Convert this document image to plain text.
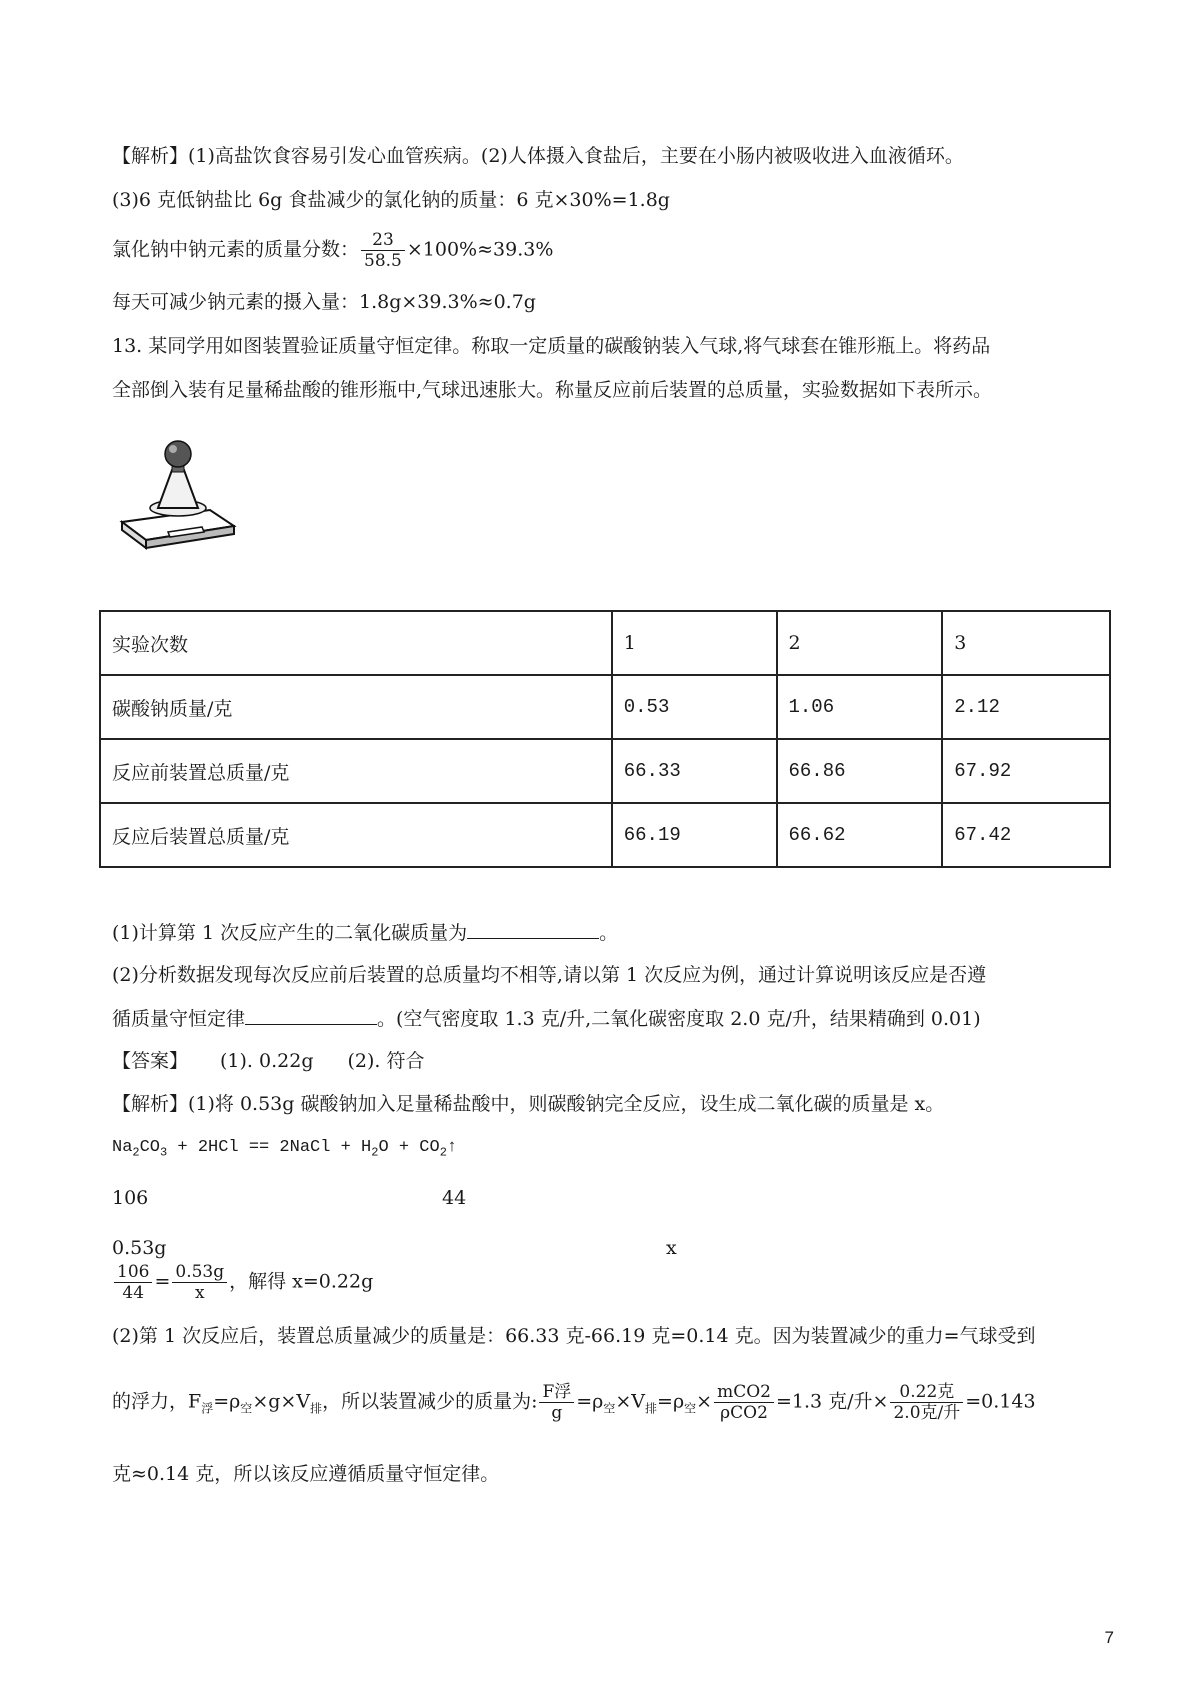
【解析】(1)高盐饮食容易引发心血管疾病。(2)人体摄入食盐后，主要在小肠内被吸收进入血液循环。
(3)6 克低钠盐比 6g 食盐减少的氯化钠的质量：6 克×30%=1.8g
氯化钠中钠元素的质量分数： $\frac{23}{58.5} \times 100\%\approx 39.3\%$
每天可减少钠元素的摄入量：1.8g×39.3%≈0.7g
13. 某同学用如图装置验证质量守恒定律。称取一定质量的碳酸钠装入气球,将气球套在锥形瓶上。将药品
全部倒入装有足量稀盐酸的锥形瓶中,气球迅速胀大。称量反应前后装置的总质量，实验数据如下表所示。
实验次数	1	2	3
碳酸钠质量/克	0.53	1.06	2.12
反应前装置总质量/克	66.33	66.86	67.92
反应后装置总质量/克	66.19	66.62	67.42
(1)计算第 1 次反应产生的二氧化碳质量为	。
(2)分析数据发现每次反应前后装置的总质量均不相等,请以第 1 次反应为例，通过计算说明该反应是否遵
循质量守恒定律	。(空气密度取 1.3 克/升,二氧化碳密度取 2.0 克/升，结果精确到 0.01)
【答案】 (1). 0.22g (2). 符合
【解析】(1)将 0.53g 碳酸钠加入足量稀盐酸中，则碳酸钠完全反应，设生成二氧化碳的质量是 x。
$Na_2CO_3 + 2HCl$ == 2NaCl + $H_2O$ + $CO_2↑$
106	44
0.53g	x
$\frac{106}{44} = \frac{0.53g}{x}$ ，解得 x=0.22g
(2)第 1 次反应后，装置总质量减少的质量是：66.33 克-66.19 克=0.14 克。因为装置减少的重力=气球受到
的浮力，$F_浮=\rho_空\times g\times V_排$，所以装置减少的质量为: $\frac{\text{F浮}}{g} =\rho_空\times V_排=\rho_空\times \frac{\text{mCO2}}{\text{ρCO2}} =1.3$ 克/升× $\frac{\text{0.22克}}{\text{2.0克/升}} =0.143$
克≈0.14 克，所以该反应遵循质量守恒定律。
7
